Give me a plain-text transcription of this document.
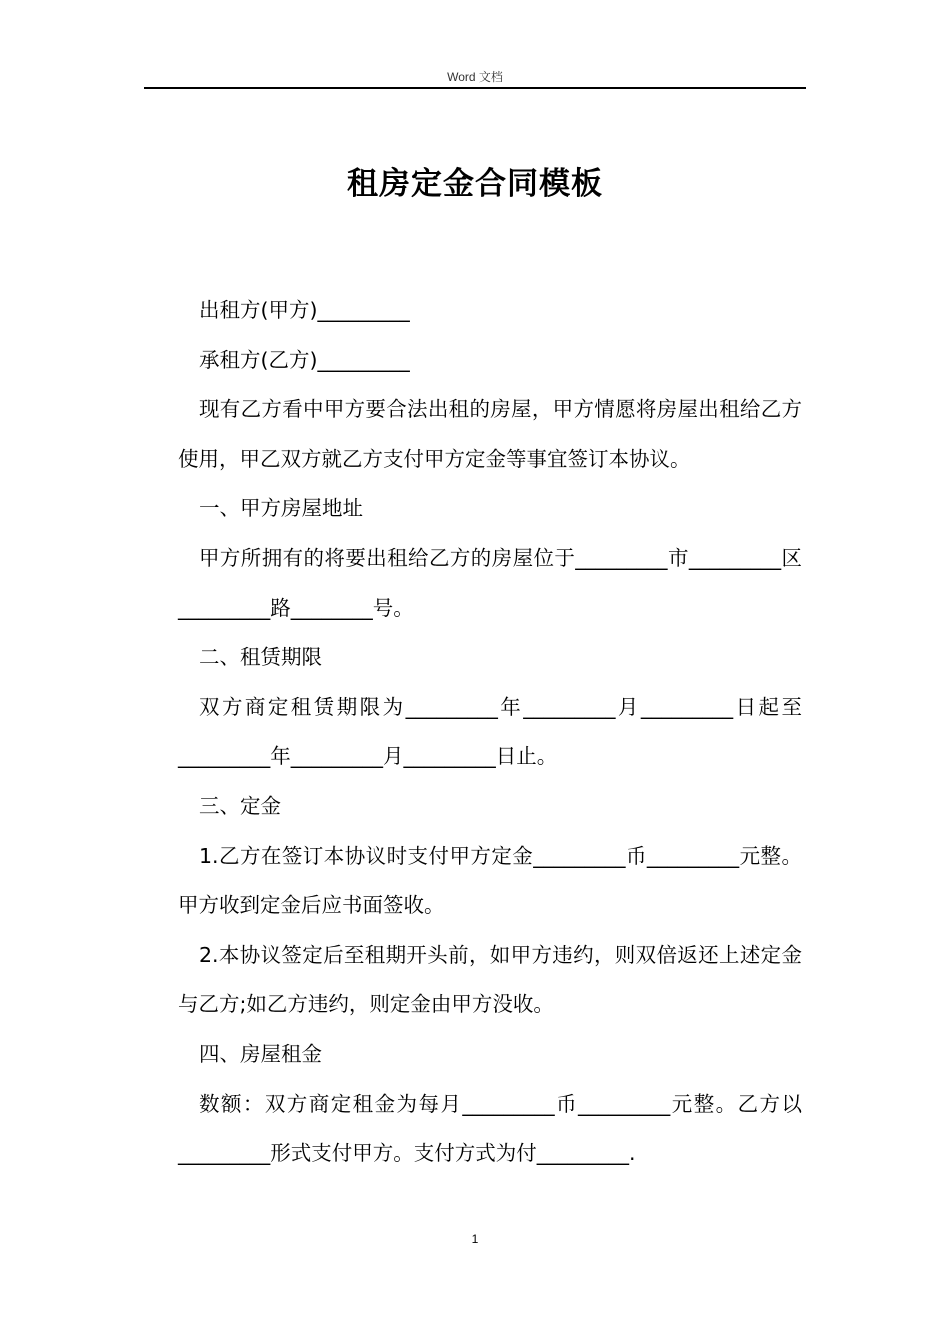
Word 文档
租房定金合同模板

出租方(甲方)_________

承租方(乙方)_________

现有乙方看中甲方要合法出租的房屋，甲方情愿将房屋出租给乙方使用，甲乙双方就乙方支付甲方定金等事宜签订本协议。

一、甲方房屋地址

甲方所拥有的将要出租给乙方的房屋位于_________市_________区_________路________号。

二、租赁期限

双方商定租赁期限为_________年_________月_________日起至_________年_________月_________日止。

三、定金

1.乙方在签订本协议时支付甲方定金_________币_________元整。甲方收到定金后应书面签收。

2.本协议签定后至租期开头前，如甲方违约，则双倍返还上述定金与乙方;如乙方违约，则定金由甲方没收。

四、房屋租金

数额：双方商定租金为每月_________币_________元整。乙方以_________形式支付甲方。支付方式为付_________.

1
